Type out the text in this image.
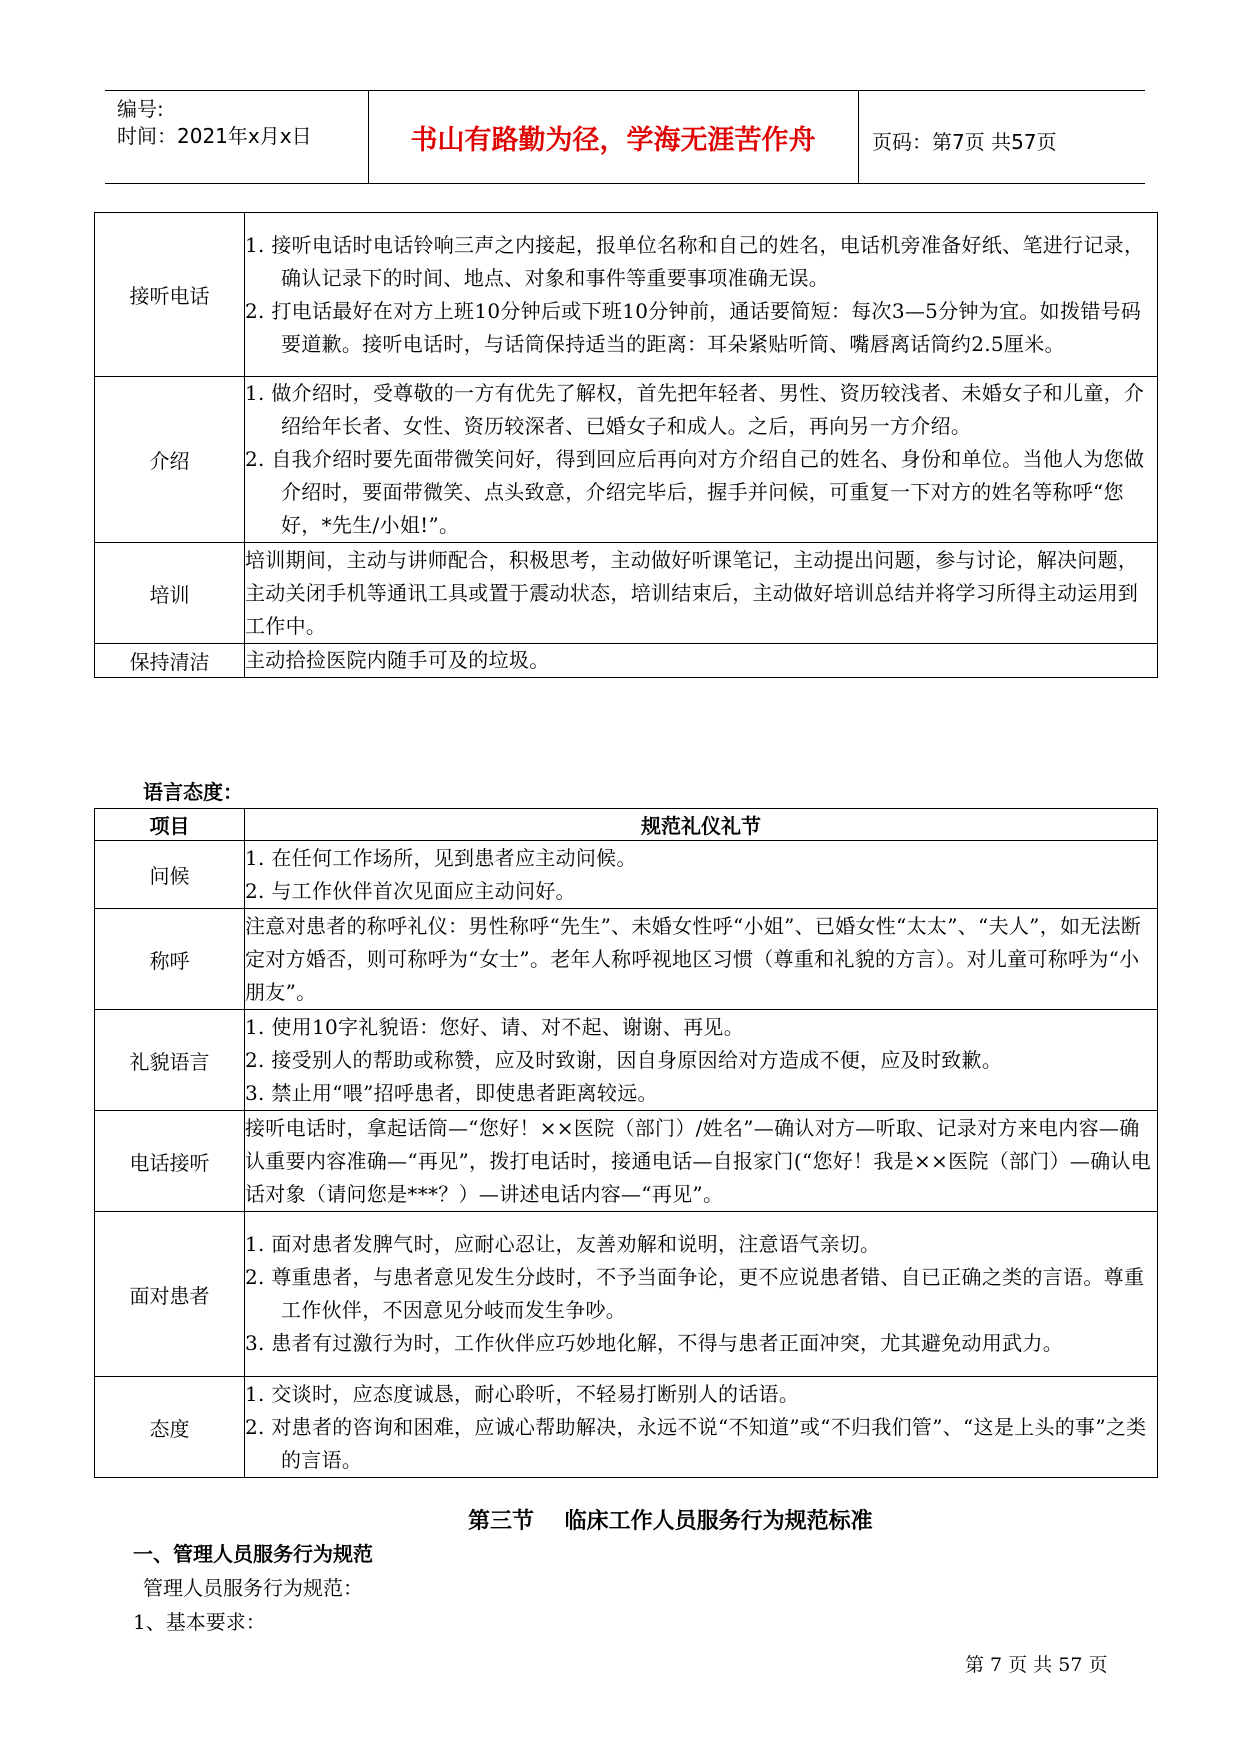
编号:
时间：2021年x月x日	书山有路勤为径，学海无涯苦作舟	页码：第7页 共57页
接听电话	1. 接听电话时电话铃响三声之内接起，报单位名称和自己的姓名，电话机旁准备好纸、笔进行记录，确认记录下的时间、地点、对象和事件等重要事项准确无误。
2. 打电话最好在对方上班10分钟后或下班10分钟前，通话要简短：每次3—5分钟为宜。如拨错号码要道歉。接听电话时，与话筒保持适当的距离：耳朵紧贴听筒、嘴唇离话筒约2.5厘米。

介绍	1. 做介绍时，受尊敬的一方有优先了解权，首先把年轻者、男性、资历较浅者、未婚女子和儿童，介绍给年长者、女性、资历较深者、已婚女子和成人。之后，再向另一方介绍。
2. 自我介绍时要先面带微笑问好，得到回应后再向对方介绍自己的姓名、身份和单位。当他人为您做介绍时，要面带微笑、点头致意，介绍完毕后，握手并问候，可重复一下对方的姓名等称呼“您好，*先生/小姐!”。

培训	培训期间，主动与讲师配合，积极思考，主动做好听课笔记，主动提出问题，参与讨论，解决问题，主动关闭手机等通讯工具或置于震动状态，培训结束后，主动做好培训总结并将学习所得主动运用到工作中。

保持清洁	主动拾捡医院内随手可及的垃圾。
语言态度：
项目	规范礼仪礼节
问候	1. 在任何工作场所，见到患者应主动问候。
2. 与工作伙伴首次见面应主动问好。

称呼	注意对患者的称呼礼仪：男性称呼“先生”、未婚女性呼“小姐”、已婚女性“太太”、“夫人”，如无法断定对方婚否，则可称呼为“女士”。老年人称呼视地区习惯（尊重和礼貌的方言）。对儿童可称呼为“小朋友”。

礼貌语言	1. 使用10字礼貌语：您好、请、对不起、谢谢、再见。
2. 接受别人的帮助或称赞，应及时致谢，因自身原因给对方造成不便，应及时致歉。
3. 禁止用“喂”招呼患者，即使患者距离较远。

电话接听	接听电话时，拿起话筒—“您好！××医院（部门）/姓名”—确认对方—听取、记录对方来电内容—确认重要内容准确—“再见”，拨打电话时，接通电话—自报家门(“您好！我是××医院（部门）—确认电话对象（请问您是***？）—讲述电话内容—“再见”。

面对患者	1. 面对患者发脾气时，应耐心忍让，友善劝解和说明，注意语气亲切。
2. 尊重患者，与患者意见发生分歧时，不予当面争论，更不应说患者错、自已正确之类的言语。尊重工作伙伴，不因意见分岐而发生争吵。
3. 患者有过激行为时，工作伙伴应巧妙地化解，不得与患者正面冲突，尤其避免动用武力。

态度	1. 交谈时，应态度诚恳，耐心聆听，不轻易打断别人的话语。
2. 对患者的咨询和困难，应诚心帮助解决，永远不说“不知道”或“不归我们管”、“这是上头的事”之类的言语。
第三节    临床工作人员服务行为规范标准
一、管理人员服务行为规范
管理人员服务行为规范：
1、基本要求：
第 7 页 共 57 页
